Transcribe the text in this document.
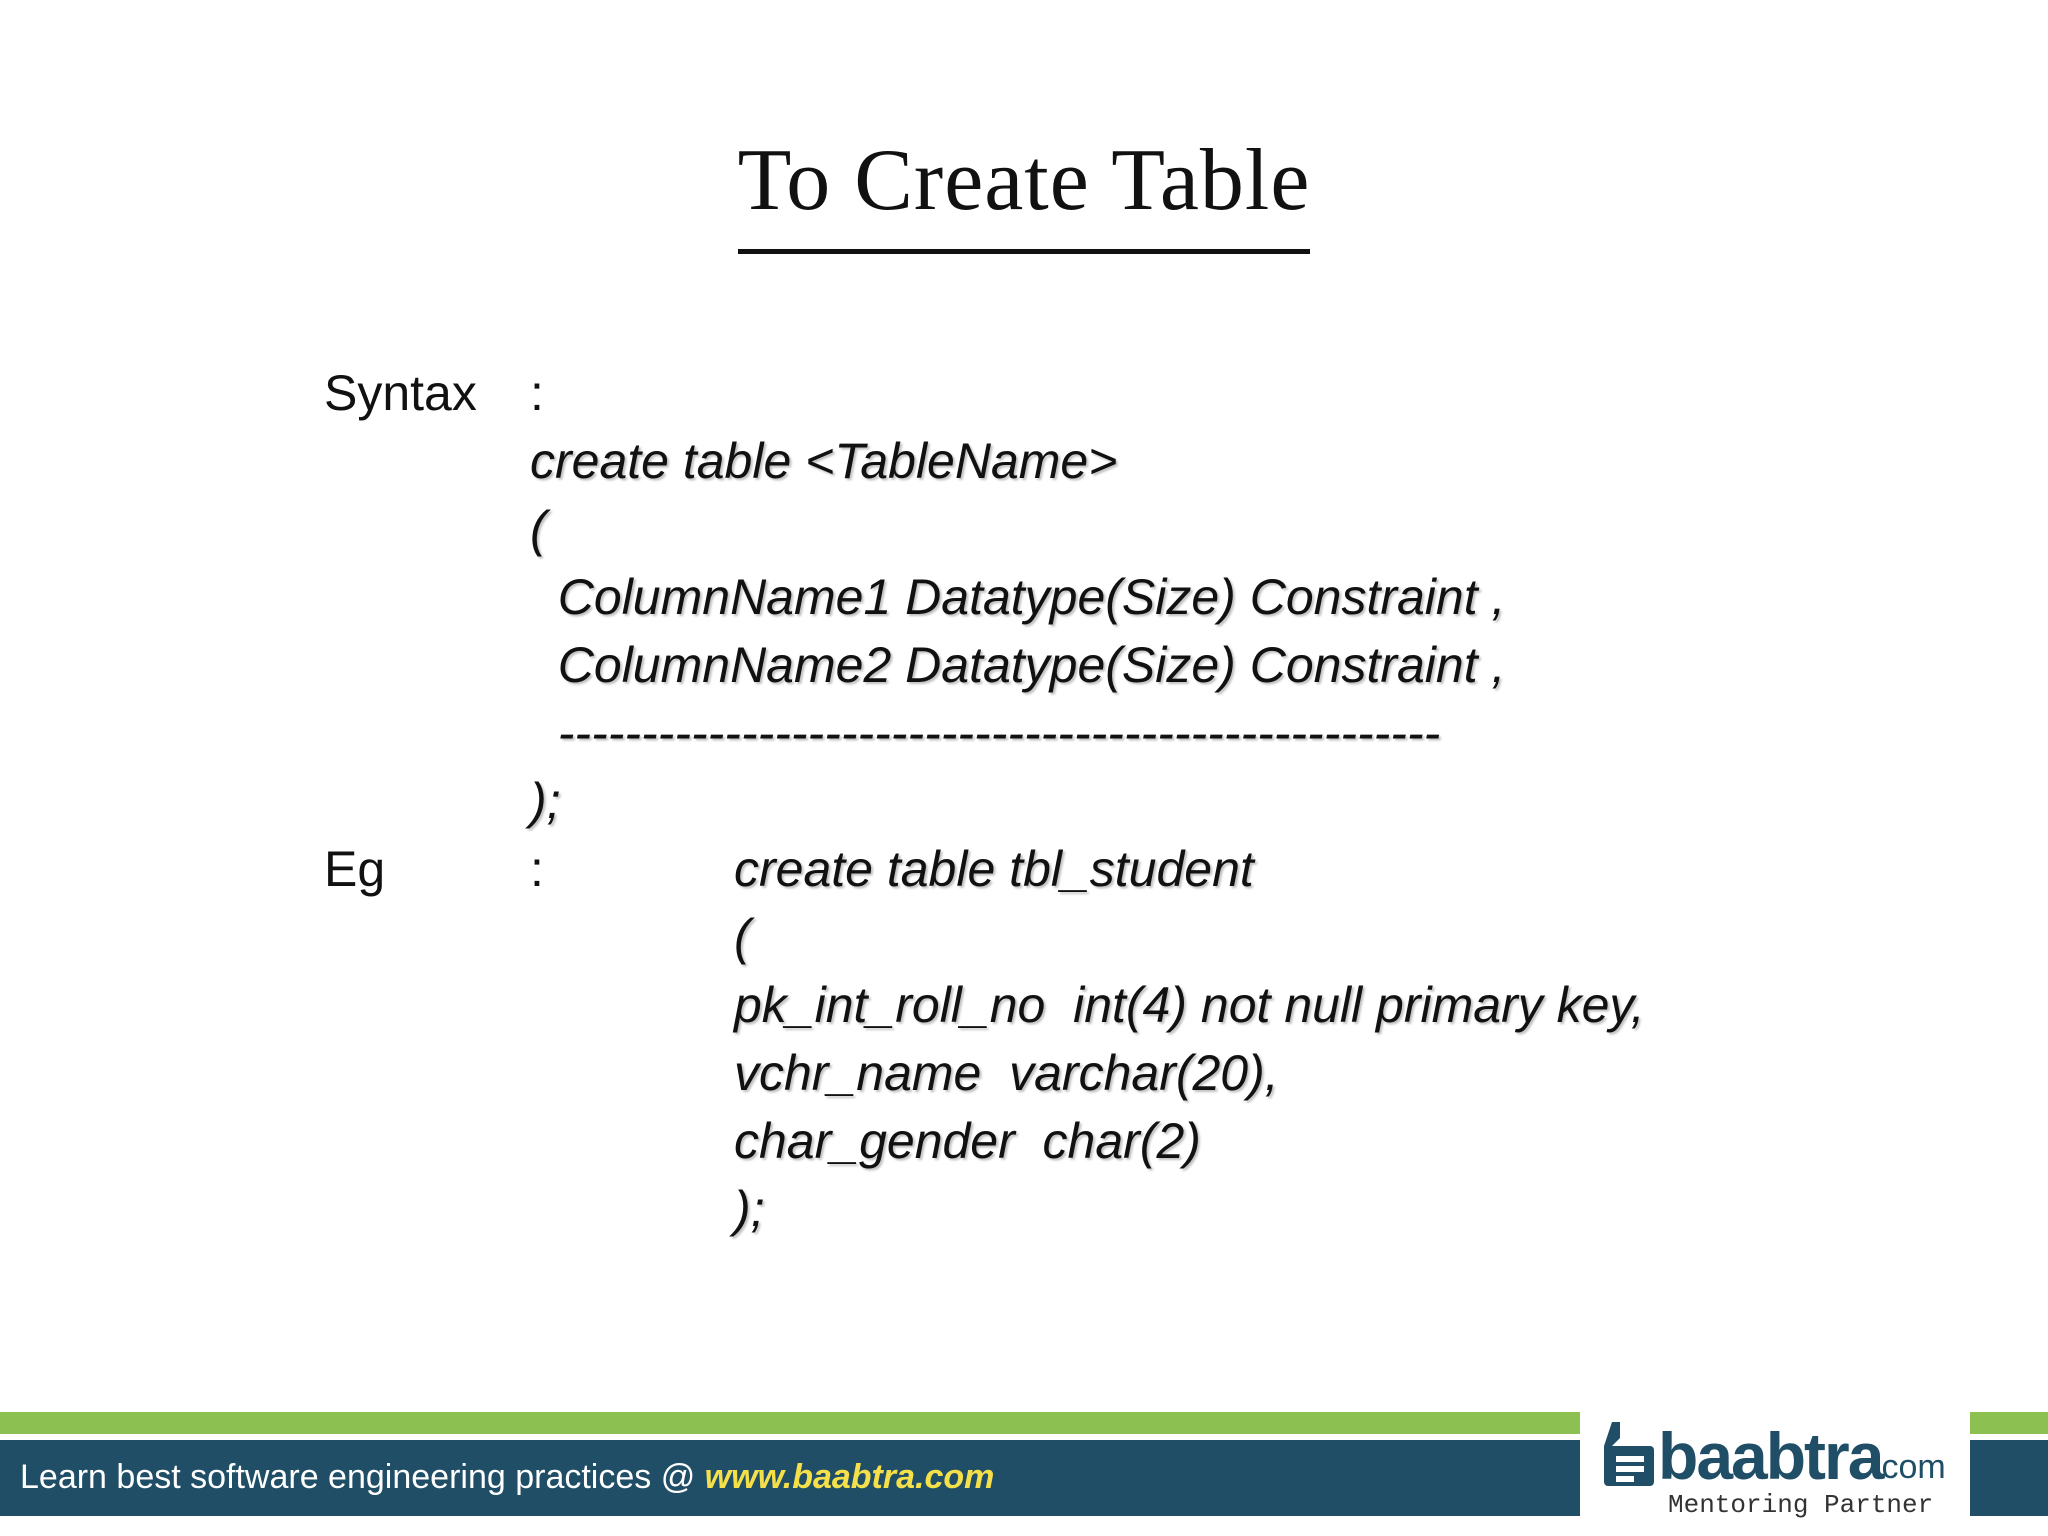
To Create Table
Syntax :
create table <TableName>
(
ColumnName1 Datatype(Size) Constraint ,
ColumnName2 Datatype(Size) Constraint ,
-----------------------------------------------------
);
Eg	:	create table tbl_student
(
pk_int_roll_no  int(4) not null primary key,
vchr_name  varchar(20),
char_gender  char(2)
);
Learn best software engineering practices @ www.baabtra.com	baabtra
.com
Mentoring Partner
